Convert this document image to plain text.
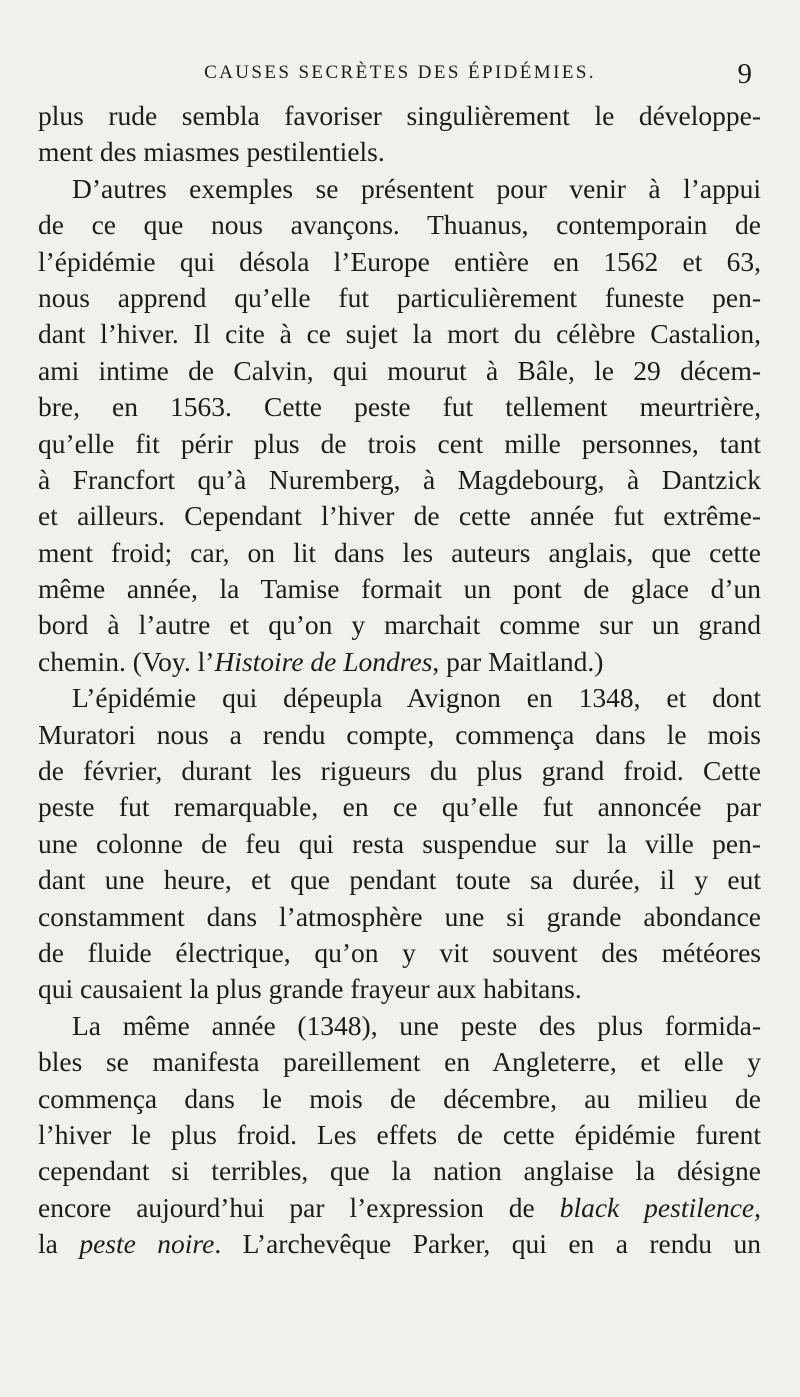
CAUSES SECRÈTES DES ÉPIDÉMIES.	9
plus rude sembla favoriser singulièrement le développe-
ment des miasmes pestilentiels.
D’autres exemples se présentent pour venir à l’appui
de ce que nous avançons. Thuanus, contemporain de
l’épidémie qui désola l’Europe entière en 1562 et 63,
nous apprend qu’elle fut particulièrement funeste pen-
dant l’hiver. Il cite à ce sujet la mort du célèbre Castalion,
ami intime de Calvin, qui mourut à Bâle, le 29 décem-
bre, en 1563. Cette peste fut tellement meurtrière,
qu’elle fit périr plus de trois cent mille personnes, tant
à Francfort qu’à Nuremberg, à Magdebourg, à Dantzick
et ailleurs. Cependant l’hiver de cette année fut extrême-
ment froid; car, on lit dans les auteurs anglais, que cette
même année, la Tamise formait un pont de glace d’un
bord à l’autre et qu’on y marchait comme sur un grand
chemin. (Voy. l’Histoire de Londres, par Maitland.)
L’épidémie qui dépeupla Avignon en 1348, et dont
Muratori nous a rendu compte, commença dans le mois
de février, durant les rigueurs du plus grand froid. Cette
peste fut remarquable, en ce qu’elle fut annoncée par
une colonne de feu qui resta suspendue sur la ville pen-
dant une heure, et que pendant toute sa durée, il y eut
constamment dans l’atmosphère une si grande abondance
de fluide électrique, qu’on y vit souvent des météores
qui causaient la plus grande frayeur aux habitans.
La même année (1348), une peste des plus formida-
bles se manifesta pareillement en Angleterre, et elle y
commença dans le mois de décembre, au milieu de
l’hiver le plus froid. Les effets de cette épidémie furent
cependant si terribles, que la nation anglaise la désigne
encore aujourd’hui par l’expression de black pestilence,
la peste noire. L’archevêque Parker, qui en a rendu un
